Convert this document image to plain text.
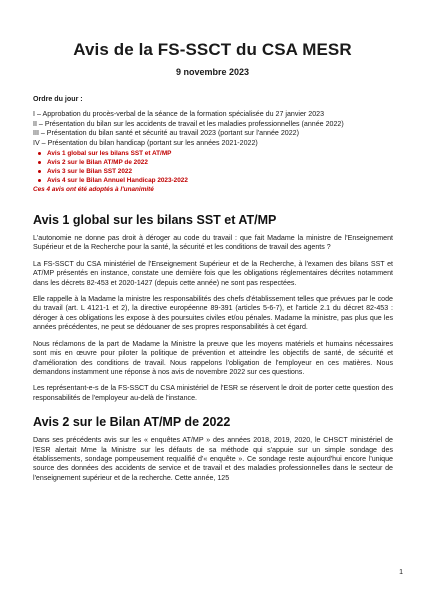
Avis de la FS-SSCT du CSA MESR
9 novembre 2023
Ordre du jour :

I – Approbation du procès-verbal de la séance de la formation spécialisée du 27 janvier 2023

II – Présentation du bilan sur les accidents de travail et les maladies professionnelles (année 2022)

III – Présentation du bilan santé et sécurité au travail 2023 (portant sur l'année 2022)

IV – Présentation du bilan handicap (portant sur les années 2021-2022)

Avis 1 global sur les bilans SST et AT/MP
Avis 2 sur le Bilan AT/MP de 2022
Avis 3 sur le Bilan SST 2022
Avis 4 sur le Bilan Annuel Handicap 2023-2022
Ces 4 avis ont été adoptés à l'unanimité
Avis 1 global sur les bilans SST et AT/MP

L'autonomie ne donne pas droit à déroger au code du travail : que fait Madame la ministre de l'Enseignement Supérieur et de la Recherche pour la santé, la sécurité et les conditions de travail des agents ?

La FS-SSCT du CSA ministériel de l'Enseignement Supérieur et de la Recherche, à l'examen des bilans SST et AT/MP présentés en instance, constate une dernière fois que les obligations réglementaires décrites notamment dans les décrets 82-453 et 2020-1427 (depuis cette année) ne sont pas respectées.

Elle rappelle à la Madame la ministre les responsabilités des chefs d'établissement telles que prévues par le code du travail (art. L 4121-1 et 2), la directive européenne 89-391 (articles 5-6-7), et l'article 2.1 du décret 82-453 : déroger à ces obligations les expose à des poursuites civiles et/ou pénales. Madame la ministre, pas plus que les années précédentes, ne peut se dédouaner de ses propres responsabilités à cet égard.

Nous réclamons de la part de Madame la Ministre la preuve que les moyens matériels et humains nécessaires sont mis en œuvre pour piloter la politique de prévention et atteindre les objectifs de santé, de sécurité et d'amélioration des conditions de travail. Nous rappelons l'obligation de l'employeur en ces matières. Nous demandons instamment une réponse à nos avis de novembre 2022 sur ces questions.

Les représentant-e-s de la FS-SSCT du CSA ministériel de l'ESR se réservent le droit de porter cette question des responsabilités de l'employeur au-delà de l'instance.

Avis 2 sur le Bilan AT/MP de 2022

Dans ses précédents avis sur les « enquêtes AT/MP » des années 2018, 2019, 2020, le CHSCT ministériel de l'ESR alertait Mme la Ministre sur les défauts de sa méthode qui s'appuie sur un simple sondage des établissements, sondage pompeusement requalifié d'« enquête ». Ce sondage reste aujourd'hui encore l'unique source des données des accidents de service et de travail et des maladies professionnelles dans le secteur de l'enseignement supérieur et de la recherche. Cette année, 125

1
